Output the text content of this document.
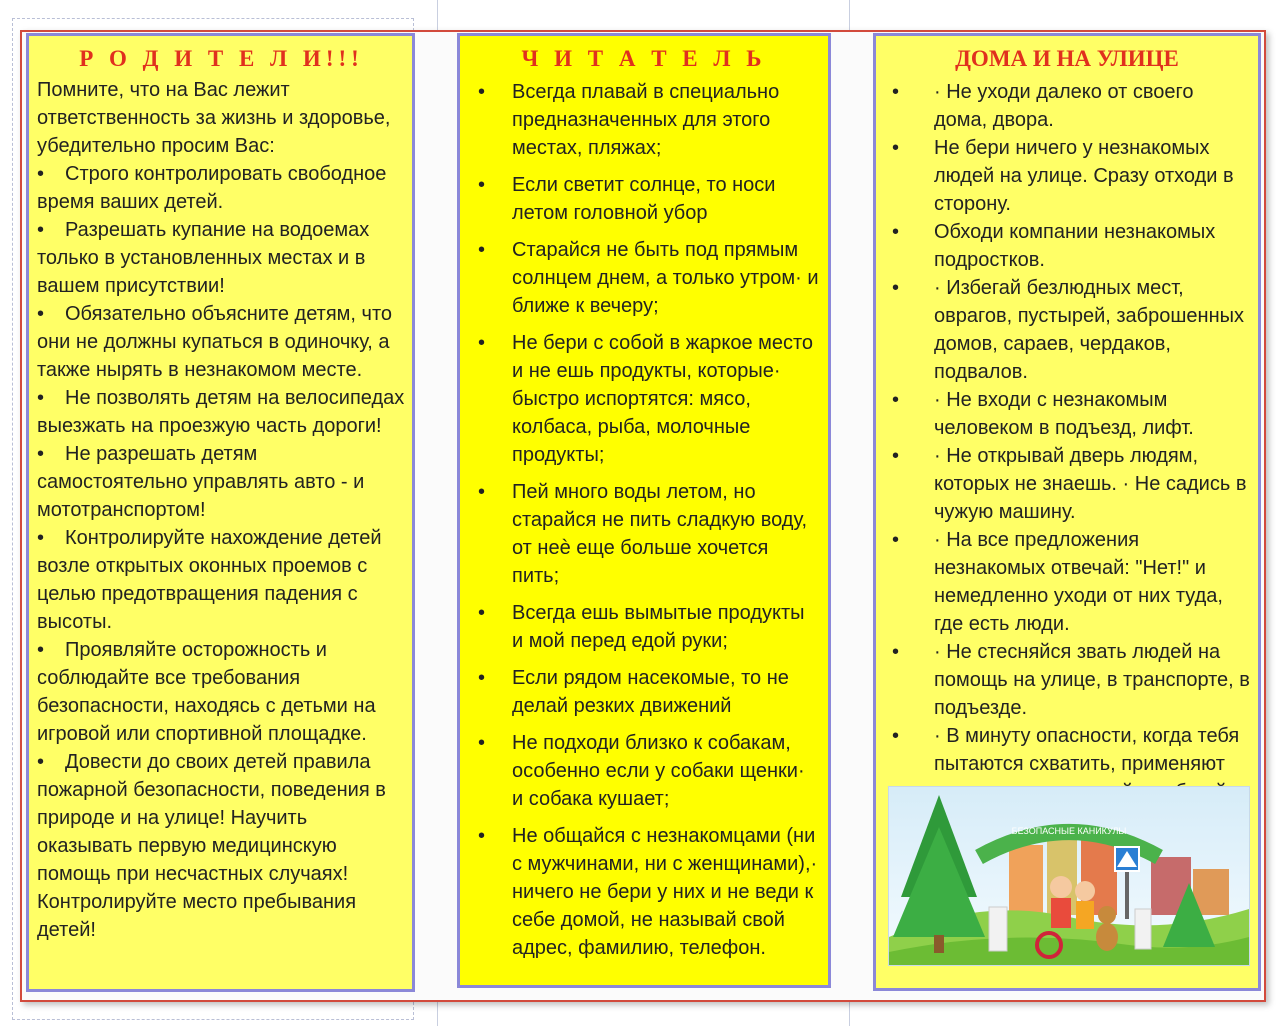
Р О Д И Т Е Л И!!!

Помните, что на Вас лежит ответственность за жизнь и здоровье, убедительно просим Вас:

• Строго контролировать свободное время ваших детей.
• Разрешать купание на водоемах только в установленных местах и в вашем присутствии!
• Обязательно объясните детям, что они не должны купаться в одиночку, а также нырять в незнакомом месте.
• Не позволять детям на велосипедах выезжать на проезжую часть дороги!
• Не разрешать детям самостоятельно управлять авто - и мототранспортом!
• Контролируйте нахождение детей возле открытых оконных проемов с целью предотвращения падения с высоты.
• Проявляйте осторожность и соблюдайте все требования безопасности, находясь с детьми на игровой или спортивной площадке.
• Довести до своих детей правила пожарной безопасности, поведения в природе и на улице! Научить оказывать первую медицинскую помощь при несчастных случаях!

Контролируйте место пребывания детей!

Ч И Т А Т Е Л Ь
• Всегда плавай в специально предназначенных для этого местах, пляжах;
• Если светит солнце, то носи летом головной убор
• Старайся не быть под прямым солнцем днем, а только утром· и ближе к вечеру;
• Не бери с собой в жаркое место и не ешь продукты, которые· быстро испортятся: мясо, колбаса, рыба, молочные продукты;
• Пей много воды летом, но старайся не пить сладкую воду, от неѐ еще больше хочется пить;
• Всегда ешь вымытые продукты и мой перед едой руки;
• Если рядом насекомые, то не делай резких движений
• Не подходи близко к собакам, особенно если у собаки щенки· и собака кушает;
• Не общайся с незнакомцами (ни с мужчинами, ни с женщинами),· ничего не бери у них и не веди к себе домой, не называй свой адрес, фамилию, телефон.
ДОМА И НА УЛИЦЕ
• · Не уходи далеко от своего дома, двора.
• Не бери ничего у незнакомых людей на улице. Сразу отходи в сторону.
• Обходи компании незнакомых подростков.
• · Избегай безлюдных мест, оврагов, пустырей, заброшенных домов, сараев, чердаков, подвалов.
• · Не входи с незнакомым человеком в подъезд, лифт.
• · Не открывай дверь людям, которых не знаешь. · Не садись в чужую машину.
• · На все предложения незнакомых отвечай: "Нет!" и немедленно уходи от них туда, где есть люди.
• · Не стесняйся звать людей на помощь на улице, в транспорте, в подъезде.
• · В минуту опасности, когда тебя пытаются схватить, применяют
БЕЗОПАСНЫЕ КАНИКУЛЫ
